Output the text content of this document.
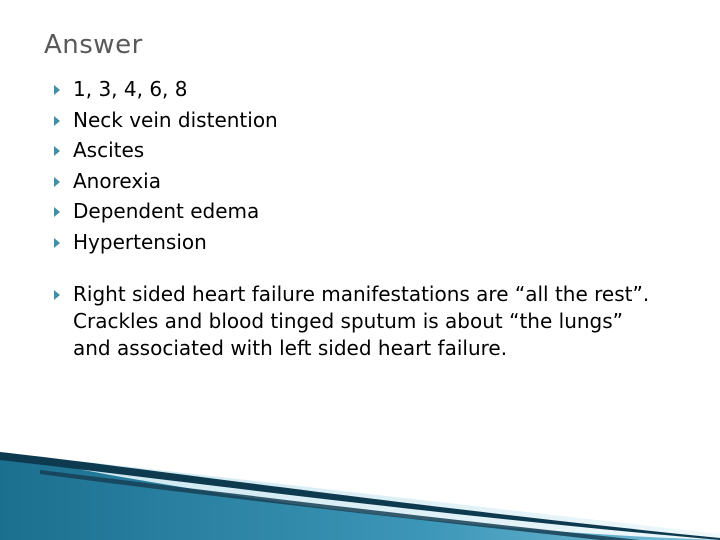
Answer
1, 3, 4, 6, 8
Neck vein distention
Ascites
Anorexia
Dependent edema
Hypertension
Right sided heart failure manifestations are “all the rest”. Crackles and blood tinged sputum is about “the lungs” and associated with left sided heart failure.
